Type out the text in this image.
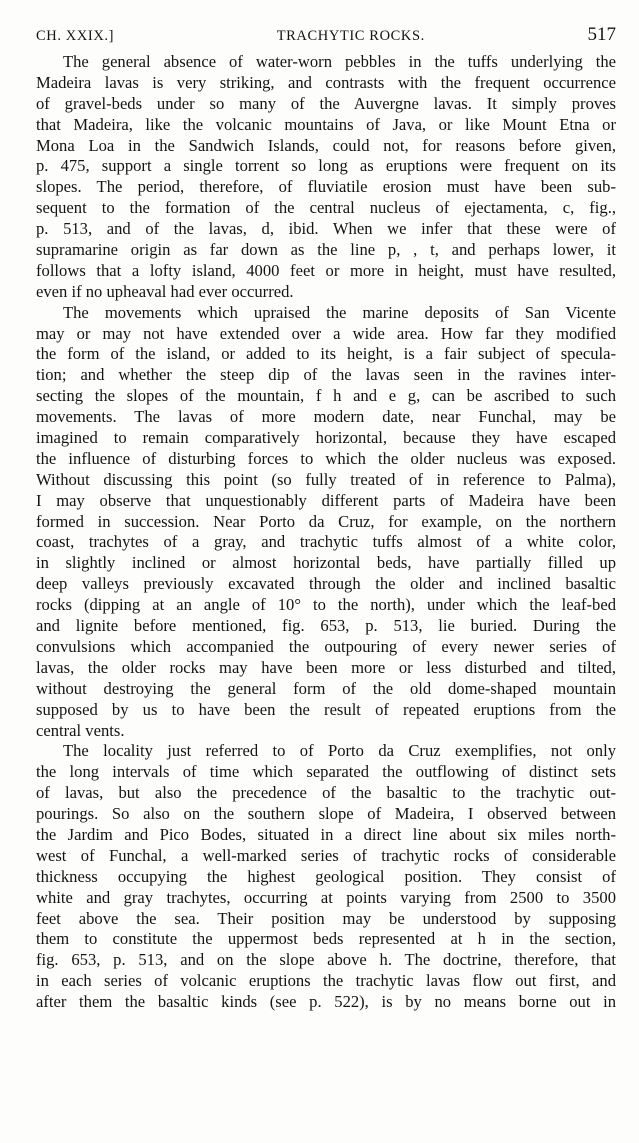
CH. XXIX.]	TRACHYTIC ROCKS.	517
The general absence of water-worn pebbles in the tuffs underlying the
Madeira lavas is very striking, and contrasts with the frequent occurrence
of gravel-beds under so many of the Auvergne lavas. It simply proves
that Madeira, like the volcanic mountains of Java, or like Mount Etna or
Mona Loa in the Sandwich Islands, could not, for reasons before given,
p. 475, support a single torrent so long as eruptions were frequent on its
slopes. The period, therefore, of fluviatile erosion must have been sub-
sequent to the formation of the central nucleus of ejectamenta, c, fig.,
p. 513, and of the lavas, d, ibid. When we infer that these were of
supramarine origin as far down as the line p, , t, and perhaps lower, it
follows that a lofty island, 4000 feet or more in height, must have resulted,
even if no upheaval had ever occurred.
The movements which upraised the marine deposits of San Vicente
may or may not have extended over a wide area. How far they modified
the form of the island, or added to its height, is a fair subject of specula-
tion; and whether the steep dip of the lavas seen in the ravines inter-
secting the slopes of the mountain, f h and e g, can be ascribed to such
movements. The lavas of more modern date, near Funchal, may be
imagined to remain comparatively horizontal, because they have escaped
the influence of disturbing forces to which the older nucleus was exposed.
Without discussing this point (so fully treated of in reference to Palma),
I may observe that unquestionably different parts of Madeira have been
formed in succession. Near Porto da Cruz, for example, on the northern
coast, trachytes of a gray, and trachytic tuffs almost of a white color,
in slightly inclined or almost horizontal beds, have partially filled up
deep valleys previously excavated through the older and inclined basaltic
rocks (dipping at an angle of 10° to the north), under which the leaf-bed
and lignite before mentioned, fig. 653, p. 513, lie buried. During the
convulsions which accompanied the outpouring of every newer series of
lavas, the older rocks may have been more or less disturbed and tilted,
without destroying the general form of the old dome-shaped mountain
supposed by us to have been the result of repeated eruptions from the
central vents.
The locality just referred to of Porto da Cruz exemplifies, not only
the long intervals of time which separated the outflowing of distinct sets
of lavas, but also the precedence of the basaltic to the trachytic out-
pourings. So also on the southern slope of Madeira, I observed between
the Jardim and Pico Bodes, situated in a direct line about six miles north-
west of Funchal, a well-marked series of trachytic rocks of considerable
thickness occupying the highest geological position. They consist of
white and gray trachytes, occurring at points varying from 2500 to 3500
feet above the sea. Their position may be understood by supposing
them to constitute the uppermost beds represented at h in the section,
fig. 653, p. 513, and on the slope above h. The doctrine, therefore, that
in each series of volcanic eruptions the trachytic lavas flow out first, and
after them the basaltic kinds (see p. 522), is by no means borne out in
